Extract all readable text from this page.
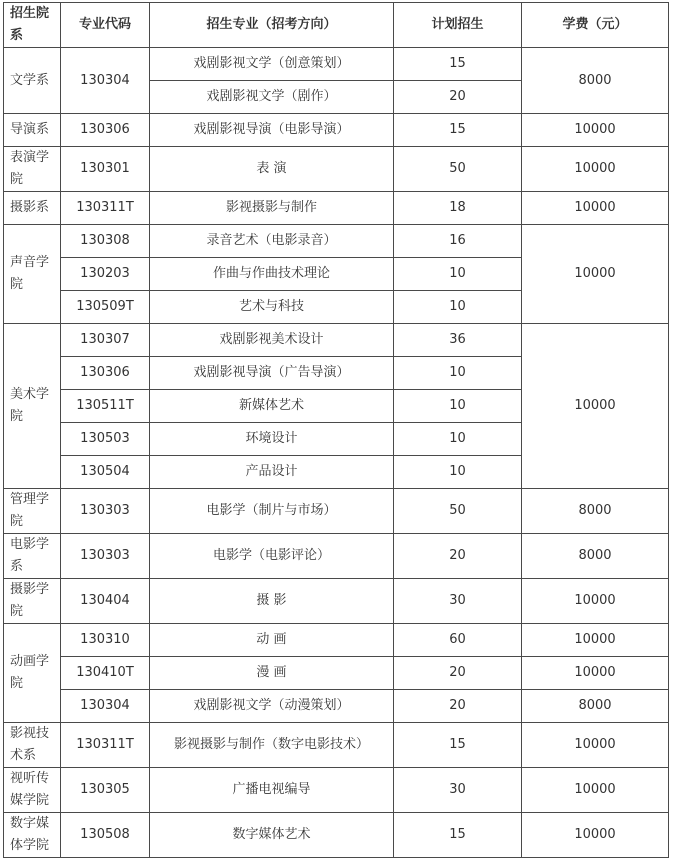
招生院系	专业代码	招生专业（招考方向）	计划招生	学费（元）
文学系	130304	戏剧影视文学（创意策划）	15	8000
		戏剧影视文学（剧作）	20	
导演系	130306	戏剧影视导演（电影导演）	15	10000
表演学院	130301	表 演	50	10000
摄影系	130311T	影视摄影与制作	18	10000
声音学院	130308	录音艺术（电影录音）	16	10000
	130203	作曲与作曲技术理论	10	
	130509T	艺术与科技	10	
美术学院	130307	戏剧影视美术设计	36	10000
	130306	戏剧影视导演（广告导演）	10	
	130511T	新媒体艺术	10	
	130503	环境设计	10	
	130504	产品设计	10	
管理学院	130303	电影学（制片与市场）	50	8000
电影学系	130303	电影学（电影评论）	20	8000
摄影学院	130404	摄 影	30	10000
动画学院	130310	动 画	60	10000
	130410T	漫 画	20	10000
	130304	戏剧影视文学（动漫策划）	20	8000
影视技术系	130311T	影视摄影与制作（数字电影技术）	15	10000
视听传媒学院	130305	广播电视编导	30	10000
数字媒体学院	130508	数字媒体艺术	15	10000
